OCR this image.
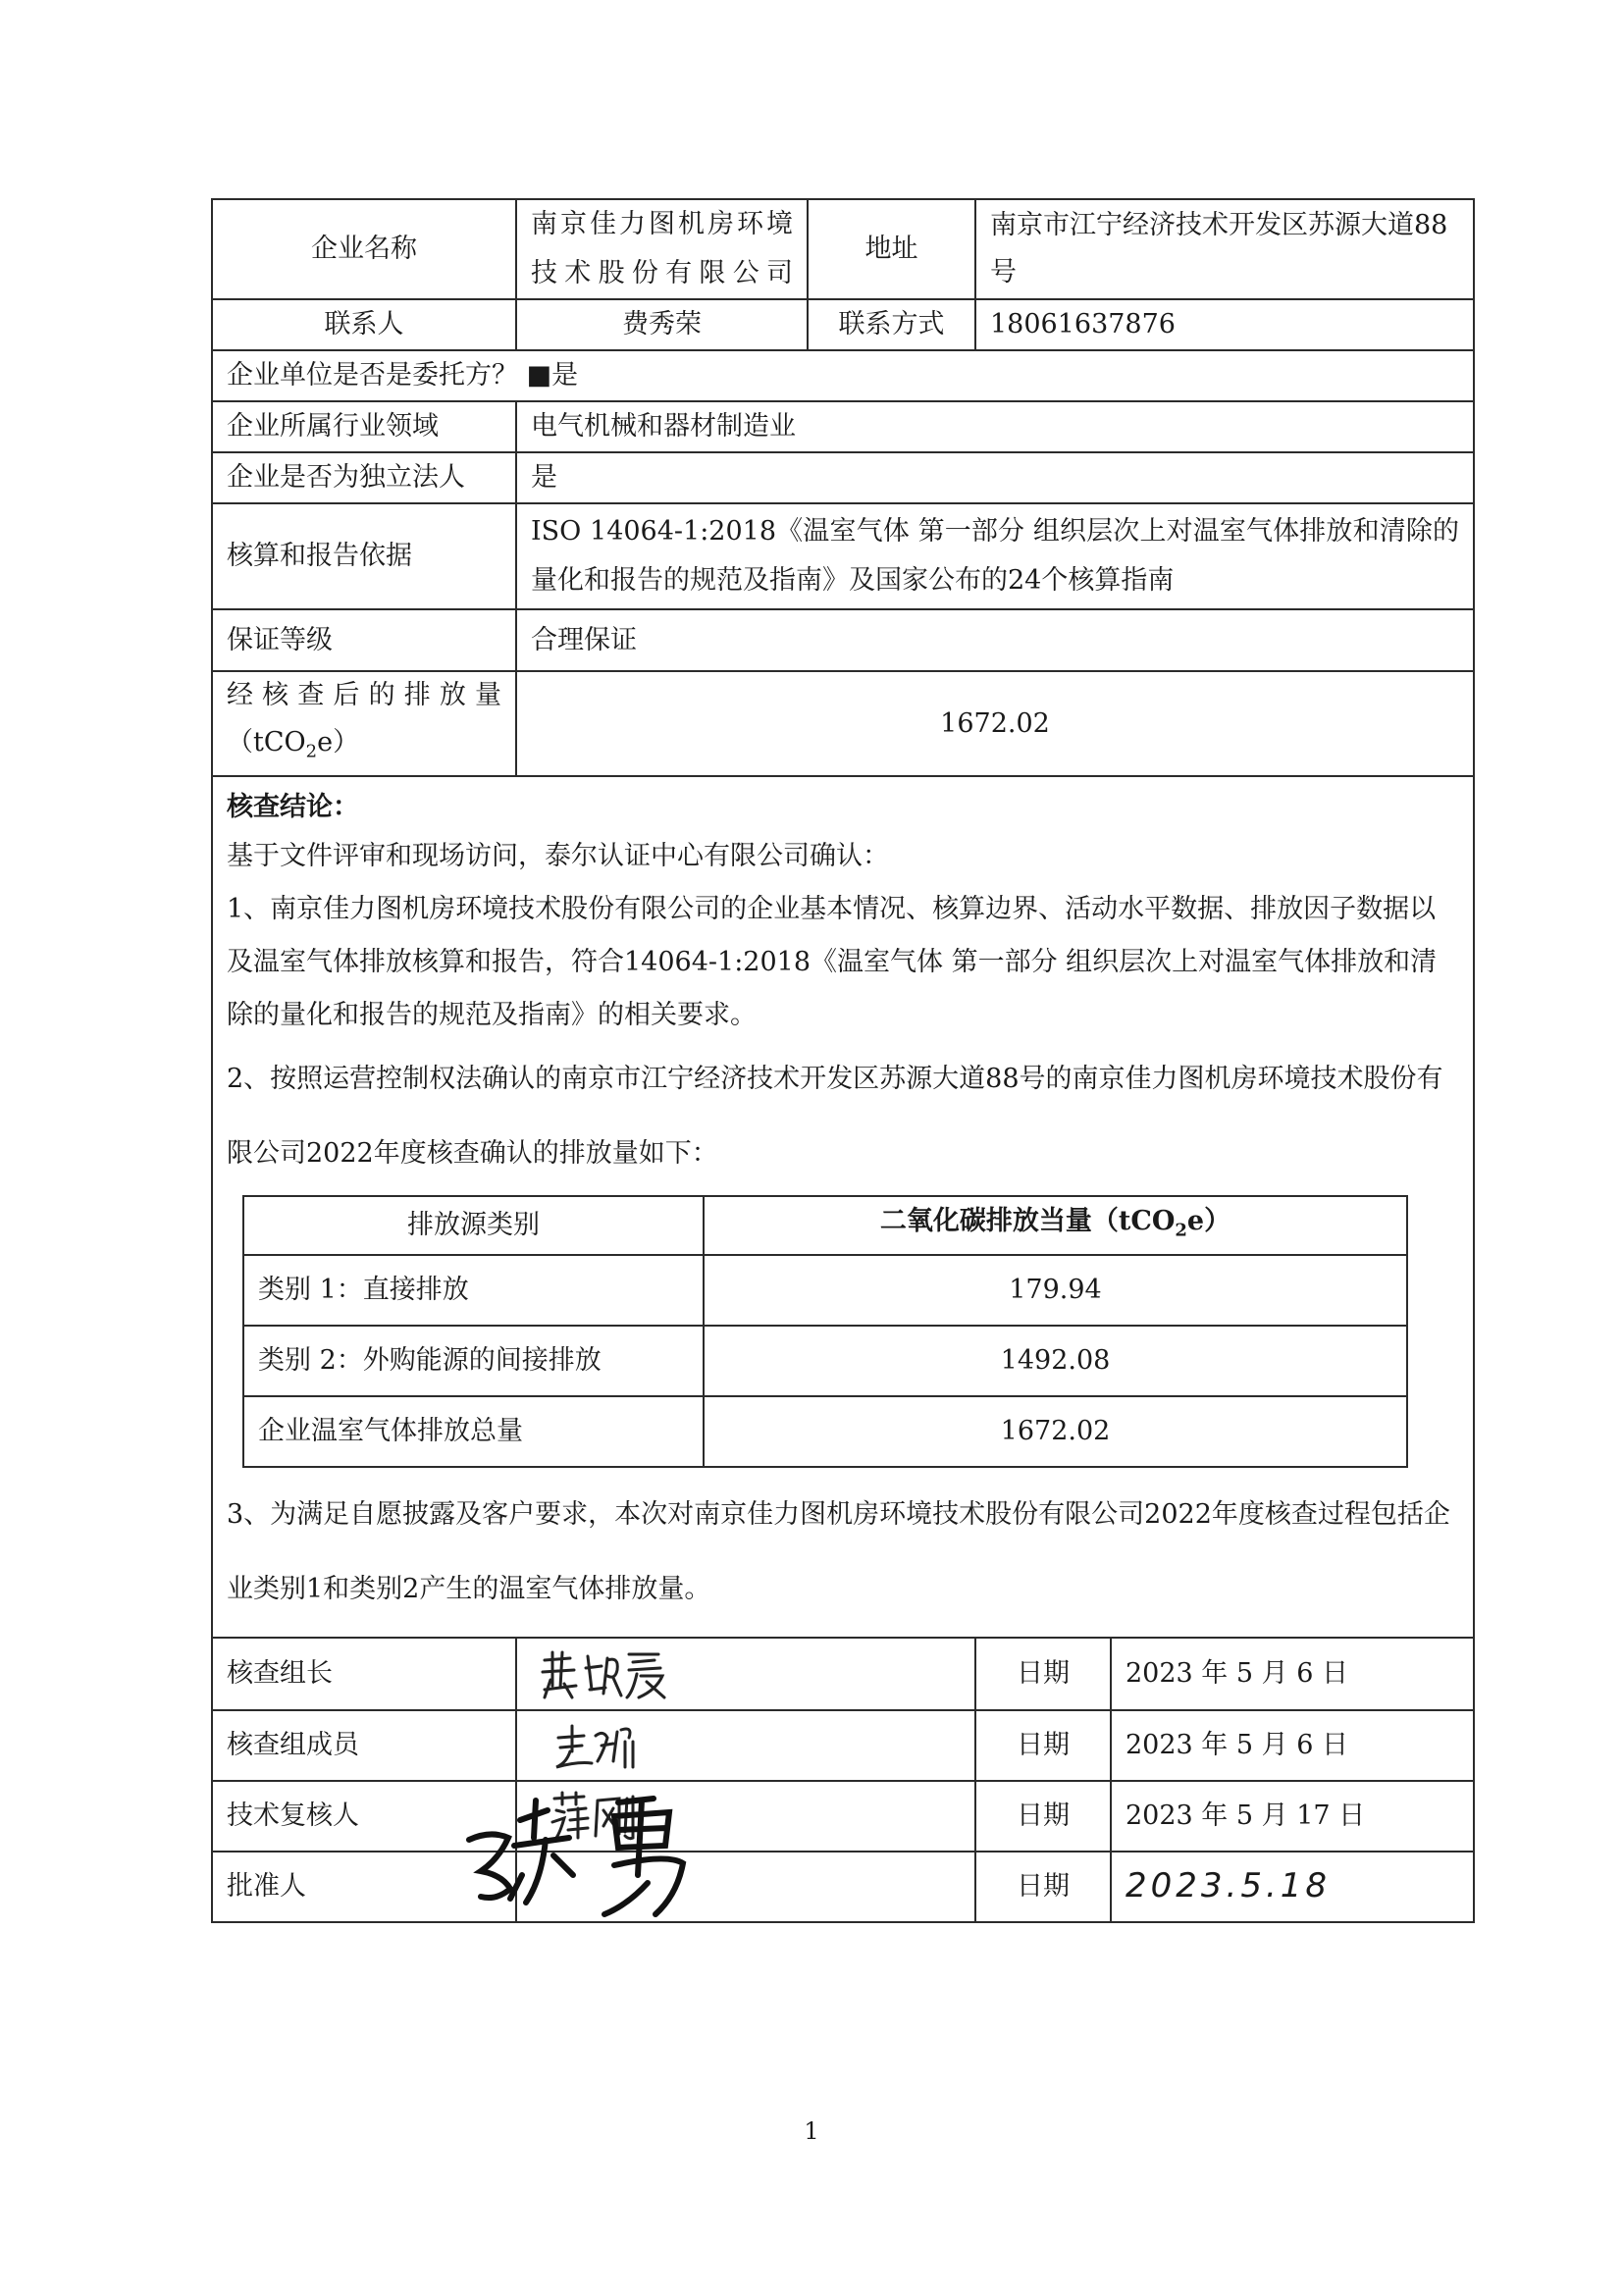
企业名称	南京佳力图机房环境技术股份有限公司	地址	南京市江宁经济技术开发区苏源大道88号
联系人	费秀荣	联系方式	18061637876
企业单位是否是委托方？ ■是
企业所属行业领域	电气机械和器材制造业
企业是否为独立法人	是
核算和报告依据	ISO 14064-1:2018《温室气体 第一部分 组织层次上对温室气体排放和清除的量化和报告的规范及指南》及国家公布的24个核算指南
保证等级	合理保证

经核查后的排放量
（tCO$_2$e）
	1672.02

核查结论：

基于文件评审和现场访问，泰尔认证中心有限公司确认：

1、南京佳力图机房环境技术股份有限公司的企业基本情况、核算边界、活动水平数据、排放因子数据以及温室气体排放核算和报告，符合14064-1:2018《温室气体 第一部分 组织层次上对温室气体排放和清除的量化和报告的规范及指南》的相关要求。

2、按照运营控制权法确认的南京市江宁经济技术开发区苏源大道88号的南京佳力图机房环境技术股份有限公司2022年度核查确认的排放量如下：

排放源类别	二氧化碳排放当量（tCO$_2$e）
类别 1：直接排放	179.94
类别 2：外购能源的间接排放	1492.08
企业温室气体排放总量	1672.02

3、为满足自愿披露及客户要求，本次对南京佳力图机房环境技术股份有限公司2022年度核查过程包括企业类别1和类别2产生的温室气体排放量。

核查组长		日期	2023 年 5 月 6 日
核查组成员		日期	2023 年 5 月 6 日
技术复核人		日期	2023 年 5 月 17 日
批准人		日期	2023.5.18
1
